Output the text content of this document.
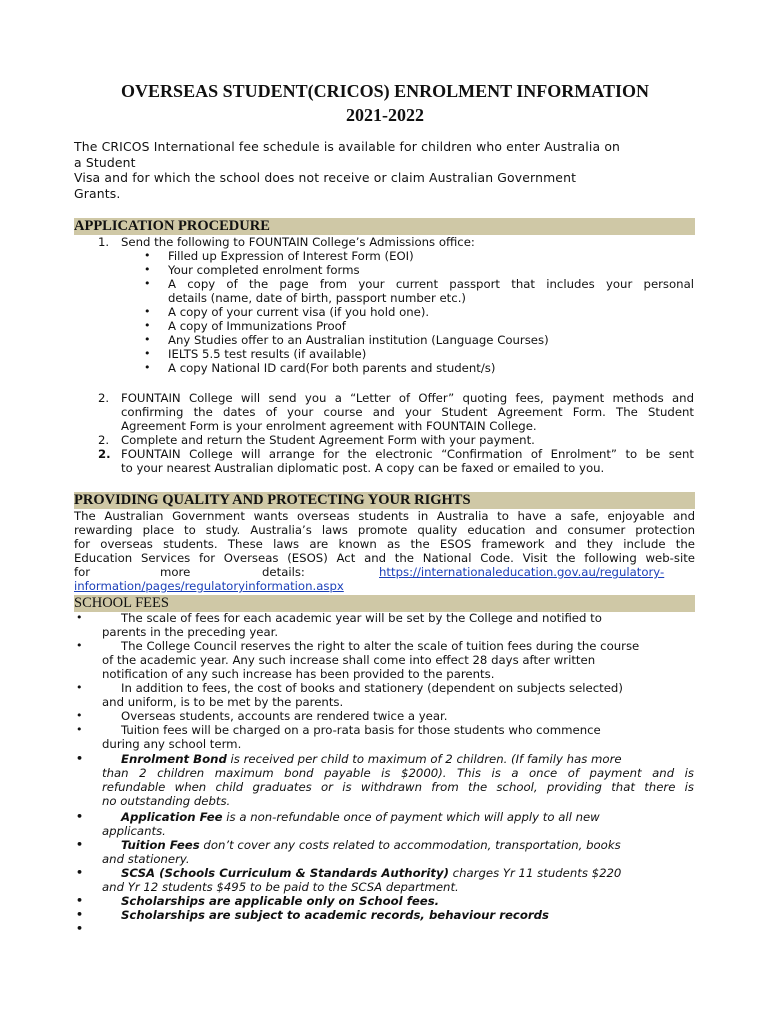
OVERSEAS STUDENT(CRICOS) ENROLMENT INFORMATION
2021-2022
The CRICOS International fee schedule is available for children who enter Australia on
a Student
Visa and for which the school does not receive or claim Australian Government
Grants.
APPLICATION PROCEDURE
1. Send the following to FOUNTAIN College’s Admissions office:
• Filled up Expression of Interest Form (EOI)
• Your completed enrolment forms
• A copy of the page from your current passport that includes your personal
details (name, date of birth, passport number etc.)
• A copy of your current visa (if you hold one).
• A copy of Immunizations Proof
• Any Studies offer to an Australian institution (Language Courses)
• IELTS 5.5 test results (if available)
• A copy National ID card(For both parents and student/s)
2. FOUNTAIN College will send you a “Letter of Offer” quoting fees, payment methods and
confirming the dates of your course and your Student Agreement Form. The Student
Agreement Form is your enrolment agreement with FOUNTAIN College.
2. Complete and return the Student Agreement Form with your payment.
2. FOUNTAIN College will arrange for the electronic “Confirmation of Enrolment” to be sent
to your nearest Australian diplomatic post. A copy can be faxed or emailed to you.
PROVIDING QUALITY AND PROTECTING YOUR RIGHTS
The Australian Government wants overseas students in Australia to have a safe, enjoyable and
rewarding place to study. Australia’s laws promote quality education and consumer protection
for overseas students. These laws are known as the ESOS framework and they include the
Education Services for Overseas (ESOS) Act and the National Code. Visit the following web-site
for	more	details:	https://internationaleducation.gov.au/regulatory-
information/pages/regulatoryinformation.aspx
SCHOOL FEES
•	The scale of fees for each academic year will be set by the College and notified to
parents in the preceding year.
•	The College Council reserves the right to alter the scale of tuition fees during the course
of the academic year. Any such increase shall come into effect 28 days after written
notification of any such increase has been provided to the parents.
•	In addition to fees, the cost of books and stationery (dependent on subjects selected)
and uniform, is to be met by the parents.
•	Overseas students, accounts are rendered twice a year.
•	Tuition fees will be charged on a pro-rata basis for those students who commence
during any school term.
•	Enrolment Bond is received per child to maximum of 2 children. (If family has more
than 2 children maximum bond payable is $2000). This is a once of payment and is
refundable when child graduates or is withdrawn from the school, providing that there is
no outstanding debts.
•	Application Fee is a non-refundable once of payment which will apply to all new
applicants.
•	Tuition Fees don’t cover any costs related to accommodation, transportation, books
and stationery.
•	SCSA (Schools Curriculum & Standards Authority) charges Yr 11 students $220
and Yr 12 students $495 to be paid to the SCSA department.
•	Scholarships are applicable only on School fees.
•	Scholarships are subject to academic records, behaviour records
•
